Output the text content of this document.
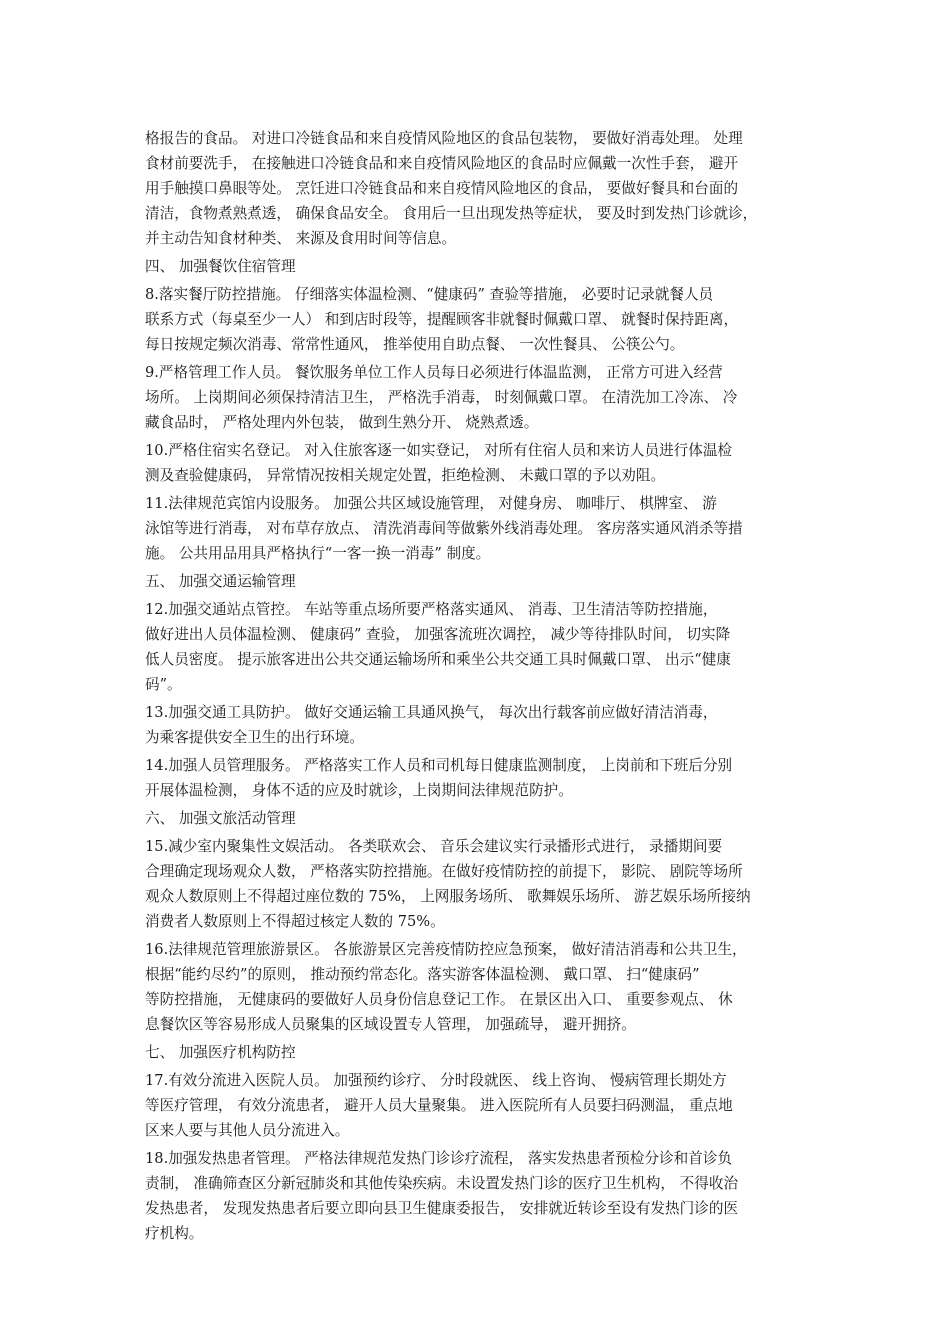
格报告的食品。 对进口冷链食品和来自疫情风险地区的食品包装物， 要做好消毒处理。 处理
食材前要洗手， 在接触进口冷链食品和来自疫情风险地区的食品时应佩戴一次性手套， 避开
用手触摸口鼻眼等处。 烹饪进口冷链食品和来自疫情风险地区的食品， 要做好餐具和台面的
清洁，食物煮熟煮透， 确保食品安全。 食用后一旦出现发热等症状， 要及时到发热门诊就诊，
并主动告知食材种类、 来源及食用时间等信息。
四、 加强餐饮住宿管理
8.落实餐厅防控措施。 仔细落实体温检测、“健康码” 查验等措施， 必要时记录就餐人员
联系方式（每桌至少一人） 和到店时段等，提醒顾客非就餐时佩戴口罩、 就餐时保持距离，
每日按规定频次消毒、常常性通风， 推举使用自助点餐、 一次性餐具、 公筷公勺。
9.严格管理工作人员。 餐饮服务单位工作人员每日必须进行体温监测， 正常方可进入经营
场所。 上岗期间必须保持清洁卫生， 严格洗手消毒， 时刻佩戴口罩。 在清洗加工冷冻、 冷
藏食品时， 严格处理内外包装， 做到生熟分开、 烧熟煮透。
10.严格住宿实名登记。 对入住旅客逐一如实登记， 对所有住宿人员和来访人员进行体温检
测及查验健康码， 异常情况按相关规定处置，拒绝检测、 未戴口罩的予以劝阻。
11.法律规范宾馆内设服务。 加强公共区域设施管理， 对健身房、 咖啡厅、 棋牌室、 游
泳馆等进行消毒， 对布草存放点、 清洗消毒间等做紫外线消毒处理。 客房落实通风消杀等措
施。 公共用品用具严格执行“一客一换一消毒” 制度。
五、 加强交通运输管理
12.加强交通站点管控。 车站等重点场所要严格落实通风、 消毒、卫生清洁等防控措施，
做好进出人员体温检测、 健康码” 查验， 加强客流班次调控， 减少等待排队时间， 切实降
低人员密度。 提示旅客进出公共交通运输场所和乘坐公共交通工具时佩戴口罩、 出示“健康
码”。
13.加强交通工具防护。 做好交通运输工具通风换气， 每次出行载客前应做好清洁消毒，
为乘客提供安全卫生的出行环境。
14.加强人员管理服务。 严格落实工作人员和司机每日健康监测制度， 上岗前和下班后分别
开展体温检测， 身体不适的应及时就诊，上岗期间法律规范防护。
六、 加强文旅活动管理
15.减少室内聚集性文娱活动。 各类联欢会、 音乐会建议实行录播形式进行， 录播期间要
合理确定现场观众人数， 严格落实防控措施。在做好疫情防控的前提下， 影院、 剧院等场所
观众人数原则上不得超过座位数的 75%， 上网服务场所、 歌舞娱乐场所、 游艺娱乐场所接纳
消费者人数原则上不得超过核定人数的 75%。
16.法律规范管理旅游景区。 各旅游景区完善疫情防控应急预案， 做好清洁消毒和公共卫生，
根据“能约尽约”的原则， 推动预约常态化。落实游客体温检测、 戴口罩、 扫“健康码”
等防控措施， 无健康码的要做好人员身份信息登记工作。 在景区出入口、 重要参观点、 休
息餐饮区等容易形成人员聚集的区域设置专人管理， 加强疏导， 避开拥挤。
七、 加强医疗机构防控
17.有效分流进入医院人员。 加强预约诊疗、 分时段就医、 线上咨询、 慢病管理长期处方
等医疗管理， 有效分流患者， 避开人员大量聚集。 进入医院所有人员要扫码测温， 重点地
区来人要与其他人员分流进入。
18.加强发热患者管理。 严格法律规范发热门诊诊疗流程， 落实发热患者预检分诊和首诊负
责制， 准确筛查区分新冠肺炎和其他传染疾病。未设置发热门诊的医疗卫生机构， 不得收治
发热患者， 发现发热患者后要立即向县卫生健康委报告， 安排就近转诊至设有发热门诊的医
疗机构。
